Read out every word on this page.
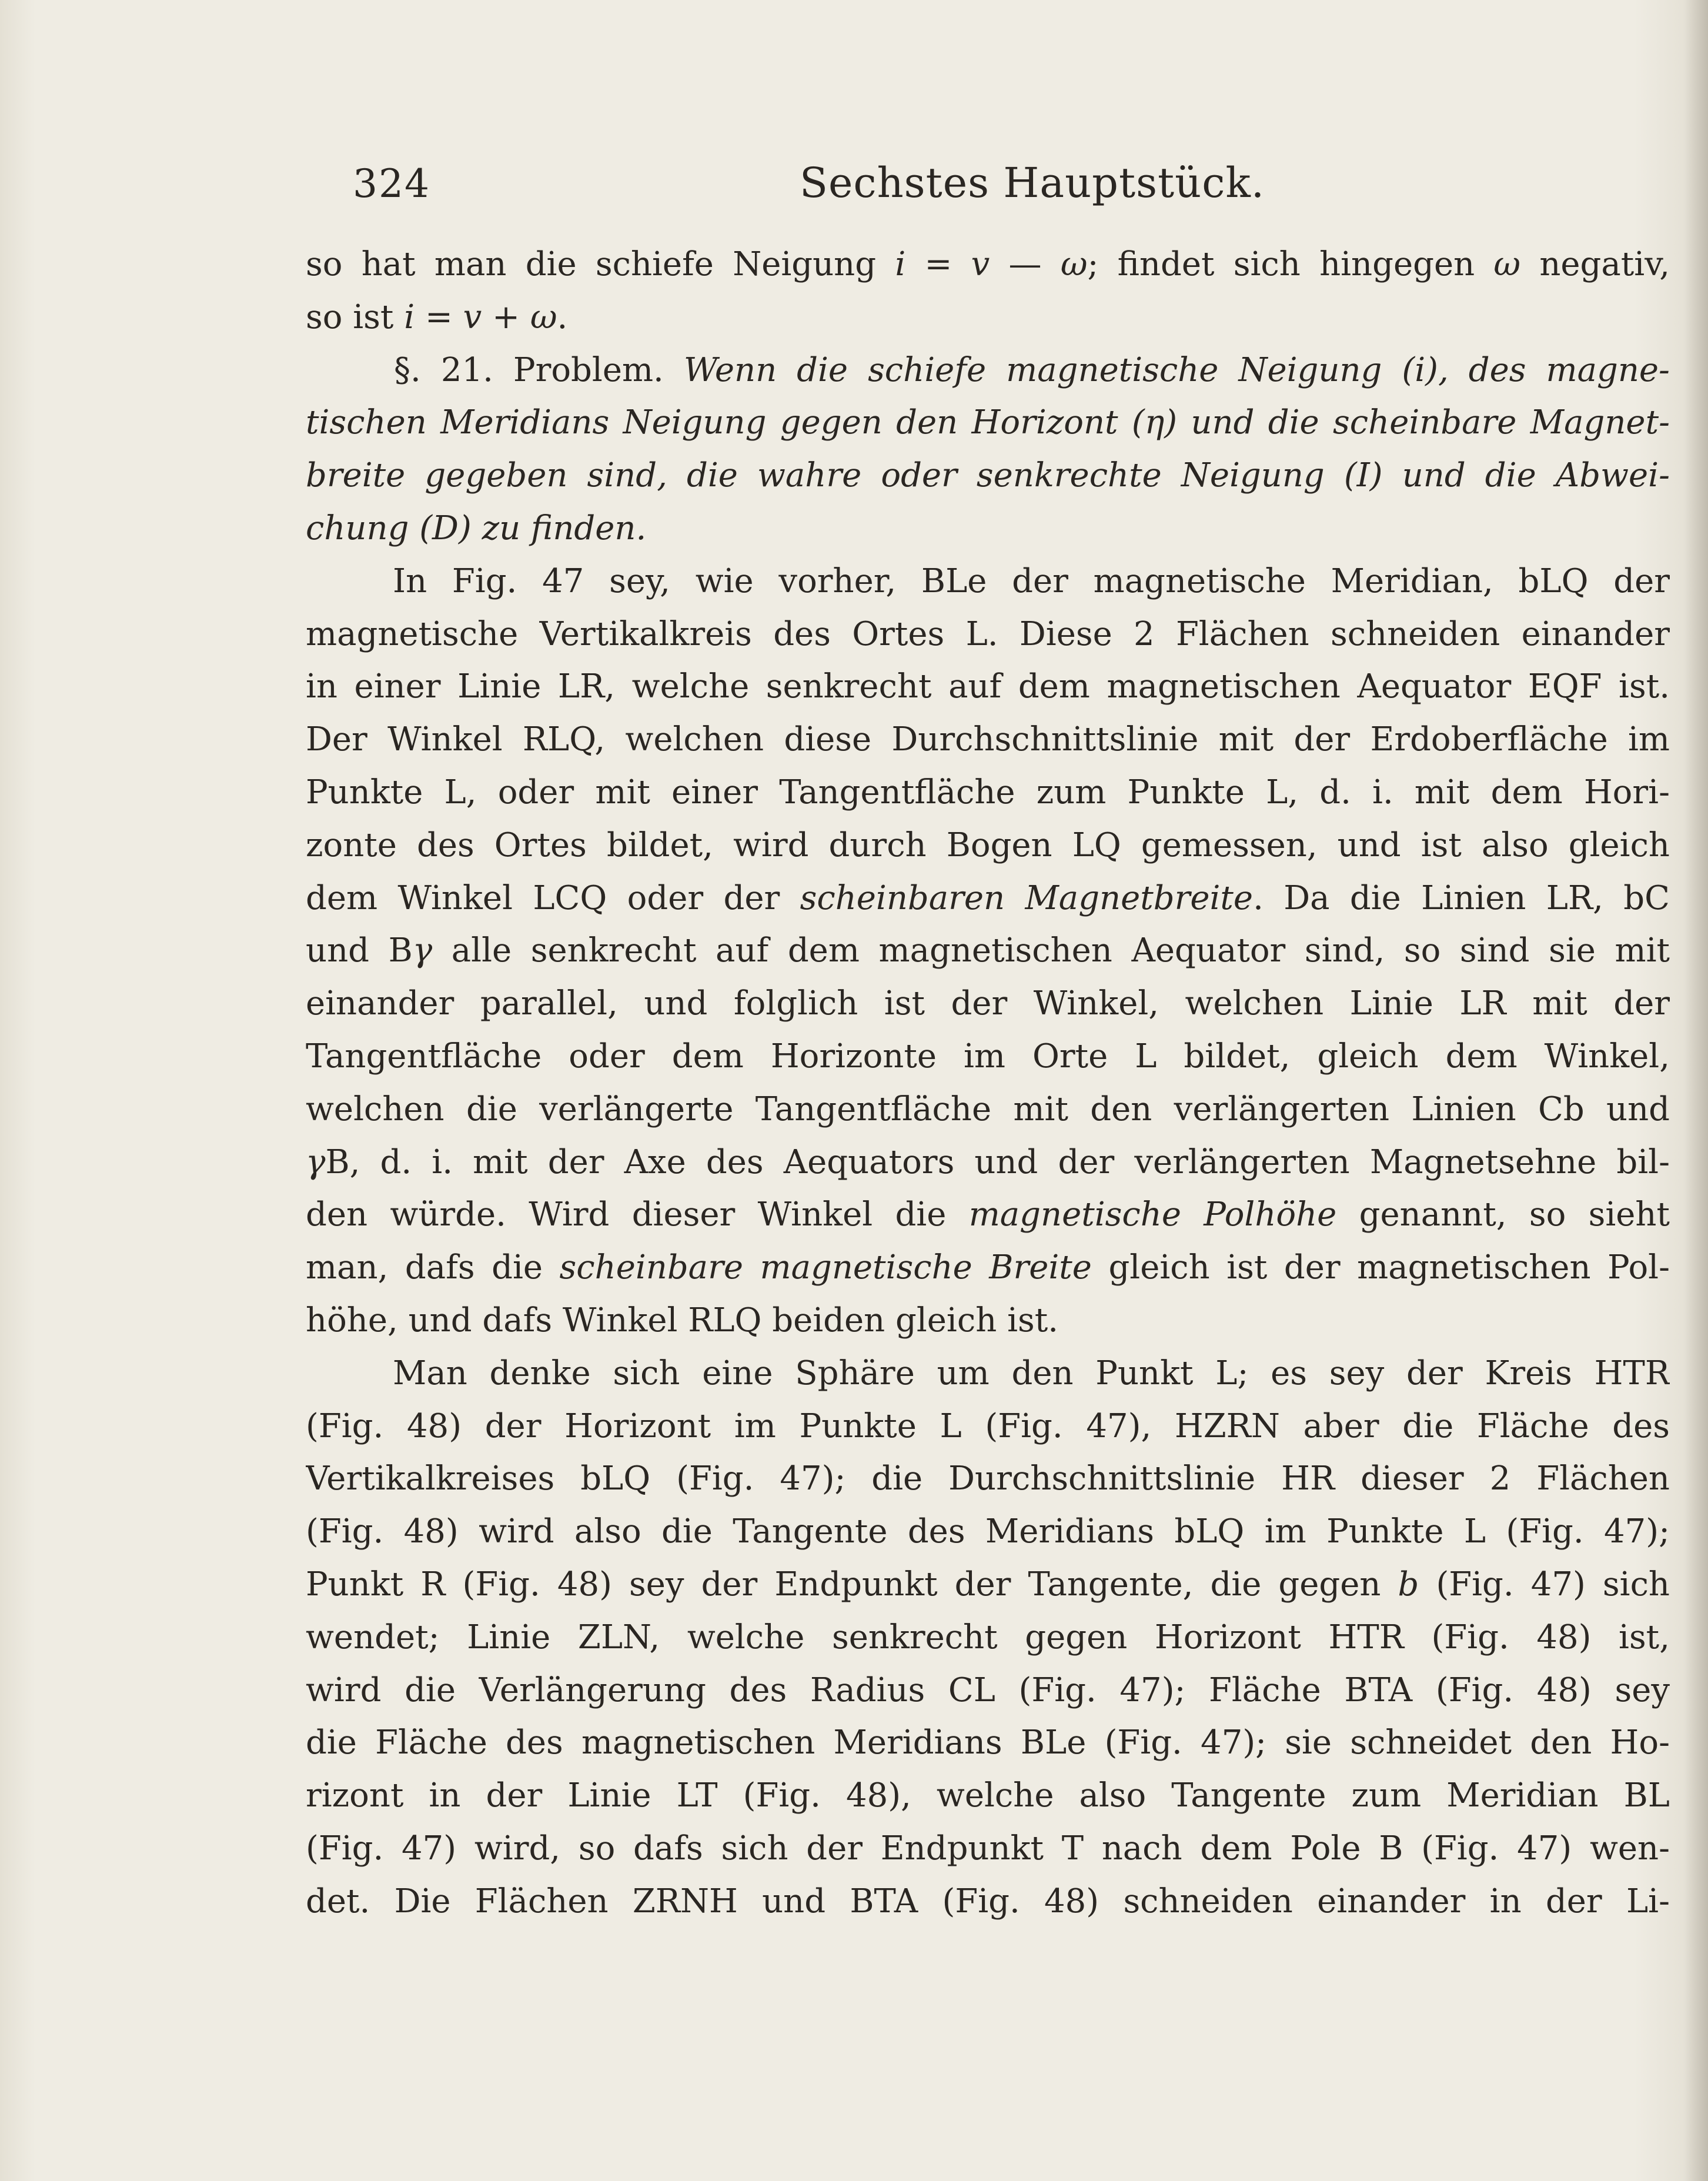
324	Sechstes Hauptstück.
so hat man die schiefe Neigung i = v — ω; findet sich hingegen ω negativ,
so ist i = v + ω.
§. 21. Problem. Wenn die schiefe magnetische Neigung (i), des magne-
tischen Meridians Neigung gegen den Horizont (η) und die scheinbare Magnet-
breite gegeben sind, die wahre oder senkrechte Neigung (I) und die Abwei-
chung (D) zu finden.
In Fig. 47 sey, wie vorher, BLe der magnetische Meridian, bLQ der
magnetische Vertikalkreis des Ortes L. Diese 2 Flächen schneiden einander
in einer Linie LR, welche senkrecht auf dem magnetischen Aequator EQF ist.
Der Winkel RLQ, welchen diese Durchschnittslinie mit der Erdoberfläche im
Punkte L, oder mit einer Tangentfläche zum Punkte L, d. i. mit dem Hori-
zonte des Ortes bildet, wird durch Bogen LQ gemessen, und ist also gleich
dem Winkel LCQ oder der scheinbaren Magnetbreite. Da die Linien LR, bC
und Bγ alle senkrecht auf dem magnetischen Aequator sind, so sind sie mit
einander parallel, und folglich ist der Winkel, welchen Linie LR mit der
Tangentfläche oder dem Horizonte im Orte L bildet, gleich dem Winkel,
welchen die verlängerte Tangentfläche mit den verlängerten Linien Cb und
γB, d. i. mit der Axe des Aequators und der verlängerten Magnetsehne bil-
den würde. Wird dieser Winkel die magnetische Polhöhe genannt, so sieht
man, dafs die scheinbare magnetische Breite gleich ist der magnetischen Pol-
höhe, und dafs Winkel RLQ beiden gleich ist.
Man denke sich eine Sphäre um den Punkt L; es sey der Kreis HTR
(Fig. 48) der Horizont im Punkte L (Fig. 47), HZRN aber die Fläche des
Vertikalkreises bLQ (Fig. 47); die Durchschnittslinie HR dieser 2 Flächen
(Fig. 48) wird also die Tangente des Meridians bLQ im Punkte L (Fig. 47);
Punkt R (Fig. 48) sey der Endpunkt der Tangente, die gegen b (Fig. 47) sich
wendet; Linie ZLN, welche senkrecht gegen Horizont HTR (Fig. 48) ist,
wird die Verlängerung des Radius CL (Fig. 47); Fläche BTA (Fig. 48) sey
die Fläche des magnetischen Meridians BLe (Fig. 47); sie schneidet den Ho-
rizont in der Linie LT (Fig. 48), welche also Tangente zum Meridian BL
(Fig. 47) wird, so dafs sich der Endpunkt T nach dem Pole B (Fig. 47) wen-
det. Die Flächen ZRNH und BTA (Fig. 48) schneiden einander in der Li-
